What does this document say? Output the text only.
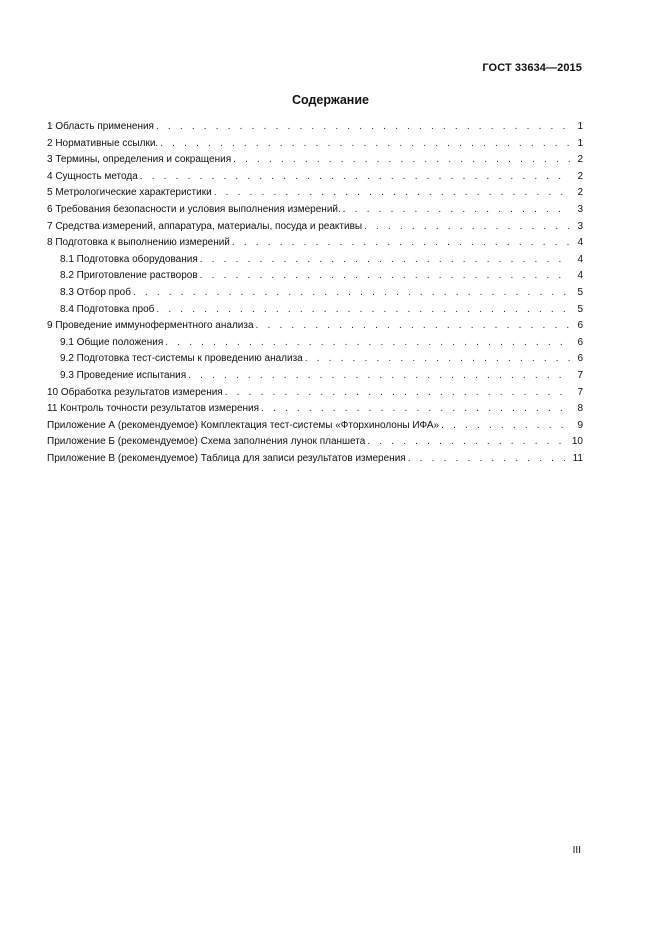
ГОСТ 33634—2015
Содержание
1 Область применения . . .	1
2 Нормативные ссылки. . . .	1
3 Термины, определения и сокращения . . .	2
4 Сущность метода . . .	2
5 Метрологические характеристики . . .	2
6 Требования безопасности и условия выполнения измерений. . . .	3
7 Средства измерений, аппаратура, материалы, посуда и реактивы . . .	3
8 Подготовка к выполнению измерений . . .	4
8.1 Подготовка оборудования . . .	4
8.2 Приготовление растворов . . .	4
8.3 Отбор проб . . .	5
8.4 Подготовка проб . . .	5
9 Проведение иммуноферментного анализа . . .	6
9.1 Общие положения . . .	6
9.2 Подготовка тест-системы к проведению анализа . . .	6
9.3 Проведение испытания . . .	7
10 Обработка результатов измерения . . .	7
11 Контроль точности результатов измерения . . .	8
Приложение А (рекомендуемое) Комплектация тест-системы «Фторхинолоны ИФА» . . .	9
Приложение Б (рекомендуемое) Схема заполнения лунок планшета . . .	10
Приложение В (рекомендуемое) Таблица для записи результатов измерения . . .	11
III
